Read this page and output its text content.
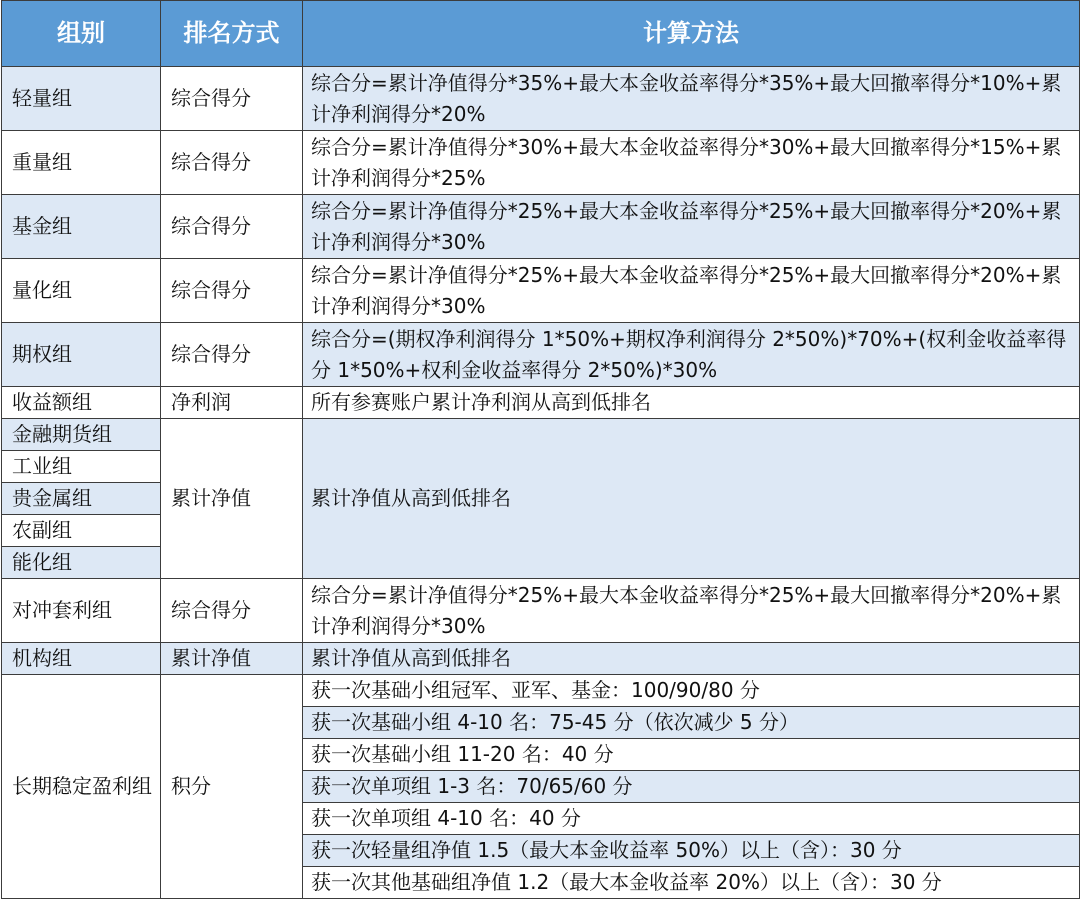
组别	排名方式	计算方法
轻量组	综合得分	综合分=累计净值得分*35%+最大本金收益率得分*35%+最大回撤率得分*10%+累计净利润得分*20%
重量组	综合得分	综合分=累计净值得分*30%+最大本金收益率得分*30%+最大回撤率得分*15%+累计净利润得分*25%
基金组	综合得分	综合分=累计净值得分*25%+最大本金收益率得分*25%+最大回撤率得分*20%+累计净利润得分*30%
量化组	综合得分	综合分=累计净值得分*25%+最大本金收益率得分*25%+最大回撤率得分*20%+累计净利润得分*30%
期权组	综合得分	综合分=(期权净利润得分 1*50%+期权净利润得分 2*50%)*70%+(权利金收益率得分 1*50%+权利金收益率得分 2*50%)*30%
收益额组	净利润	所有参赛账户累计净利润从高到低排名
金融期货组	累计净值	累计净值从高到低排名
工业组		
贵金属组		
农副组		
能化组		
对冲套利组	综合得分	综合分=累计净值得分*25%+最大本金收益率得分*25%+最大回撤率得分*20%+累计净利润得分*30%
机构组	累计净值	累计净值从高到低排名
长期稳定盈利组	积分	获一次基础小组冠军、亚军、基金：100/90/80 分
		获一次基础小组 4-10 名：75-45 分（依次减少 5 分）
		获一次基础小组 11-20 名：40 分
		获一次单项组 1-3 名：70/65/60 分
		获一次单项组 4-10 名：40 分
		获一次轻量组净值 1.5（最大本金收益率 50%）以上（含）：30 分
		获一次其他基础组净值 1.2（最大本金收益率 20%）以上（含）：30 分
